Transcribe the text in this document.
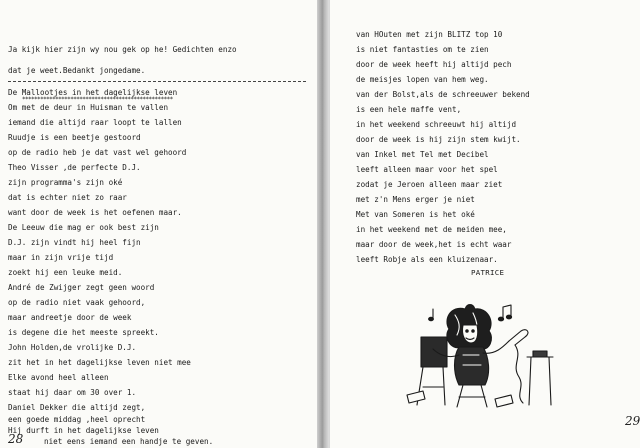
Ja kijk hier zijn wy nou gek op he! Gedichten enzo
dat je weet.Bedankt jongedame.
De Mallootjes in het dagelijkse leven
**************************************************
Om met de deur in Huisman te vallen
iemand die altijd raar loopt te lallen
Ruudje is een beetje gestoord
op de radio heb je dat vast wel gehoord
Theo Visser ,de perfecte D.J.
zijn programma's zijn oké
dat is echter niet zo raar
want door de week is het oefenen maar.
De Leeuw die mag er ook best zijn
D.J. zijn vindt hij heel fijn
maar in zijn vrije tijd
zoekt hij een leuke meid.
André de Zwijger zegt geen woord
op de radio niet vaak gehoord,
maar andreetje door de week
is degene die het meeste spreekt.
John Holden,de vrolijke D.J.
zit het in het dagelijkse leven niet mee
Elke avond heel alleen
staat hij daar om 30 over 1.
Daniel Dekker die altijd zegt,
een goede middag ,heel oprecht
Hij durft in het dagelijkse leven
niet eens iemand een handje te geven.
28
van HOuten met zijn BLITZ top 10
is niet fantasties om te zien
door de week heeft hij altijd pech
de meisjes lopen van hem weg.
van der Bolst,als de schreeuwer bekend
is een hele maffe vent,
in het weekend schreeuwt hij altijd
door de week is hij zijn stem kwijt.
van Inkel met Tel met Decibel
leeft alleen maar voor het spel
zodat je Jeroen alleen maar ziet
met z'n Mens erger je niet
Met van Someren is het oké
in het weekend met de meiden mee,
maar door de week,het is echt waar
leeft Robje als een kluizenaar.
PATRICE
29
